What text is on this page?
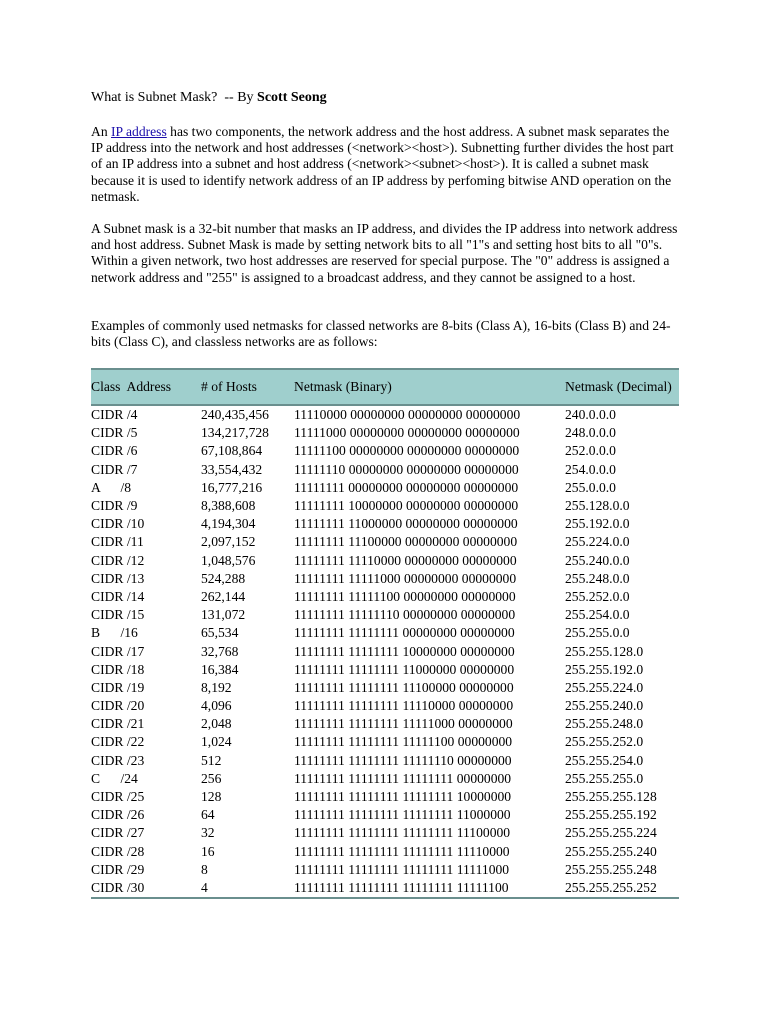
What is Subnet Mask?  -- By Scott Seong
An IP address has two components, the network address and the host address. A subnet mask separates the IP address into the network and host addresses (<network><host>). Subnetting further divides the host part of an IP address into a subnet and host address (<network><subnet><host>). It is called a subnet mask because it is used to identify network address of an IP address by perfoming bitwise AND operation on the netmask.
A Subnet mask is a 32-bit number that masks an IP address, and divides the IP address into network address and host address. Subnet Mask is made by setting network bits to all "1"s and setting host bits to all "0"s. Within a given network, two host addresses are reserved for special purpose. The "0" address is assigned a network address and "255" is assigned to a broadcast address, and they cannot be assigned to a host.
Examples of commonly used netmasks for classed networks are 8-bits (Class A), 16-bits (Class B) and 24-bits (Class C), and classless networks are as follows:
Class  Address	# of Hosts	Netmask (Binary)	Netmask (Decimal)
CIDR /4	240,435,456	11110000 00000000 00000000 00000000	240.0.0.0
CIDR /5	134,217,728	11111000 00000000 00000000 00000000	248.0.0.0
CIDR /6	67,108,864	11111100 00000000 00000000 00000000	252.0.0.0
CIDR /7	33,554,432	11111110 00000000 00000000 00000000	254.0.0.0
A      /8	16,777,216	11111111 00000000 00000000 00000000	255.0.0.0
CIDR /9	8,388,608	11111111 10000000 00000000 00000000	255.128.0.0
CIDR /10	4,194,304	11111111 11000000 00000000 00000000	255.192.0.0
CIDR /11	2,097,152	11111111 11100000 00000000 00000000	255.224.0.0
CIDR /12	1,048,576	11111111 11110000 00000000 00000000	255.240.0.0
CIDR /13	524,288	11111111 11111000 00000000 00000000	255.248.0.0
CIDR /14	262,144	11111111 11111100 00000000 00000000	255.252.0.0
CIDR /15	131,072	11111111 11111110 00000000 00000000	255.254.0.0
B      /16	65,534	11111111 11111111 00000000 00000000	255.255.0.0
CIDR /17	32,768	11111111 11111111 10000000 00000000	255.255.128.0
CIDR /18	16,384	11111111 11111111 11000000 00000000	255.255.192.0
CIDR /19	8,192	11111111 11111111 11100000 00000000	255.255.224.0
CIDR /20	4,096	11111111 11111111 11110000 00000000	255.255.240.0
CIDR /21	2,048	11111111 11111111 11111000 00000000	255.255.248.0
CIDR /22	1,024	11111111 11111111 11111100 00000000	255.255.252.0
CIDR /23	512	11111111 11111111 11111110 00000000	255.255.254.0
C      /24	256	11111111 11111111 11111111 00000000	255.255.255.0
CIDR /25	128	11111111 11111111 11111111 10000000	255.255.255.128
CIDR /26	64	11111111 11111111 11111111 11000000	255.255.255.192
CIDR /27	32	11111111 11111111 11111111 11100000	255.255.255.224
CIDR /28	16	11111111 11111111 11111111 11110000	255.255.255.240
CIDR /29	8	11111111 11111111 11111111 11111000	255.255.255.248
CIDR /30	4	11111111 11111111 11111111 11111100	255.255.255.252
